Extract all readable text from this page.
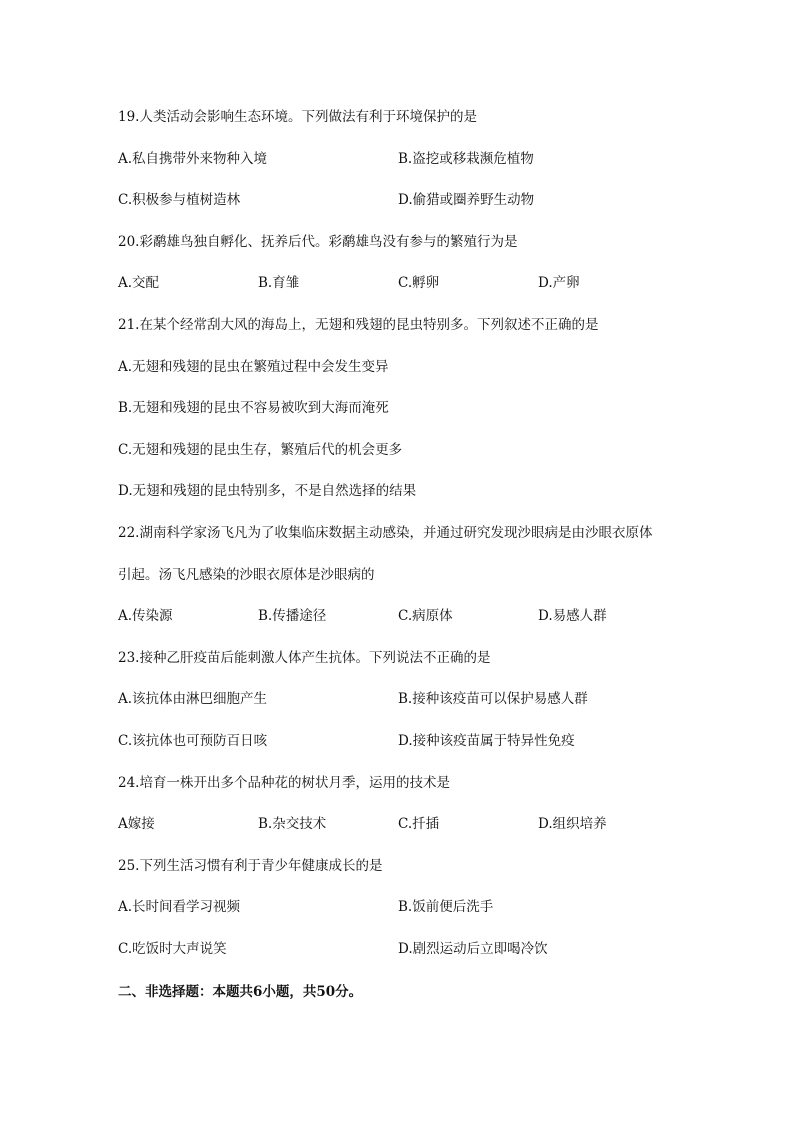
19.人类活动会影响生态环境。下列做法有利于环境保护的是
A.私自携带外来物种入境	B.盗挖或移栽濒危植物
C.积极参与植树造林	D.偷猎或圈养野生动物
20.彩鹬雄鸟独自孵化、抚养后代。彩鹬雄鸟没有参与的繁殖行为是
A.交配	B.育雏	C.孵卵	D.产卵
21.在某个经常刮大风的海岛上，无翅和残翅的昆虫特别多。下列叙述不正确的是
A.无翅和残翅的昆虫在繁殖过程中会发生变异
B.无翅和残翅的昆虫不容易被吹到大海而淹死
C.无翅和残翅的昆虫生存，繁殖后代的机会更多
D.无翅和残翅的昆虫特别多，不是自然选择的结果
22.湖南科学家汤飞凡为了收集临床数据主动感染，并通过研究发现沙眼病是由沙眼衣原体
引起。汤飞凡感染的沙眼衣原体是沙眼病的
A.传染源	B.传播途径	C.病原体	D.易感人群
23.接种乙肝疫苗后能刺激人体产生抗体。下列说法不正确的是
A.该抗体由淋巴细胞产生	B.接种该疫苗可以保护易感人群
C.该抗体也可预防百日咳	D.接种该疫苗属于特异性免疫
24.培育一株开出多个品种花的树状月季，运用的技术是
A嫁接	B.杂交技术	C.扦插	D.组织培养
25.下列生活习惯有利于青少年健康成长的是
A.长时间看学习视频	B.饭前便后洗手
C.吃饭时大声说笑	D.剧烈运动后立即喝冷饮
二、非选择题：本题共6小题，共50分。
